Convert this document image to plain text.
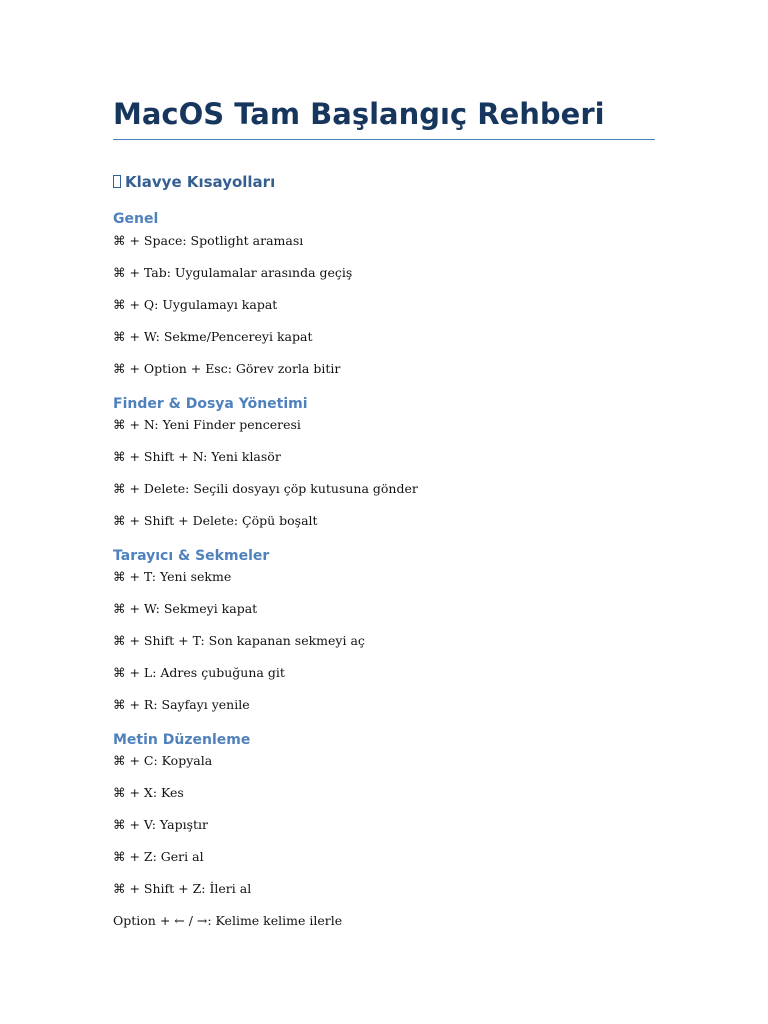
MacOS Tam Başlangıç Rehberi
Klavye Kısayolları
Genel
⌘ + Space: Spotlight araması
⌘ + Tab: Uygulamalar arasında geçiş
⌘ + Q: Uygulamayı kapat
⌘ + W: Sekme/Pencereyi kapat
⌘ + Option + Esc: Görev zorla bitir
Finder & Dosya Yönetimi
⌘ + N: Yeni Finder penceresi
⌘ + Shift + N: Yeni klasör
⌘ + Delete: Seçili dosyayı çöp kutusuna gönder
⌘ + Shift + Delete: Çöpü boşalt
Tarayıcı & Sekmeler
⌘ + T: Yeni sekme
⌘ + W: Sekmeyi kapat
⌘ + Shift + T: Son kapanan sekmeyi aç
⌘ + L: Adres çubuğuna git
⌘ + R: Sayfayı yenile
Metin Düzenleme
⌘ + C: Kopyala
⌘ + X: Kes
⌘ + V: Yapıştır
⌘ + Z: Geri al
⌘ + Shift + Z: İleri al
Option + ← / →: Kelime kelime ilerle
